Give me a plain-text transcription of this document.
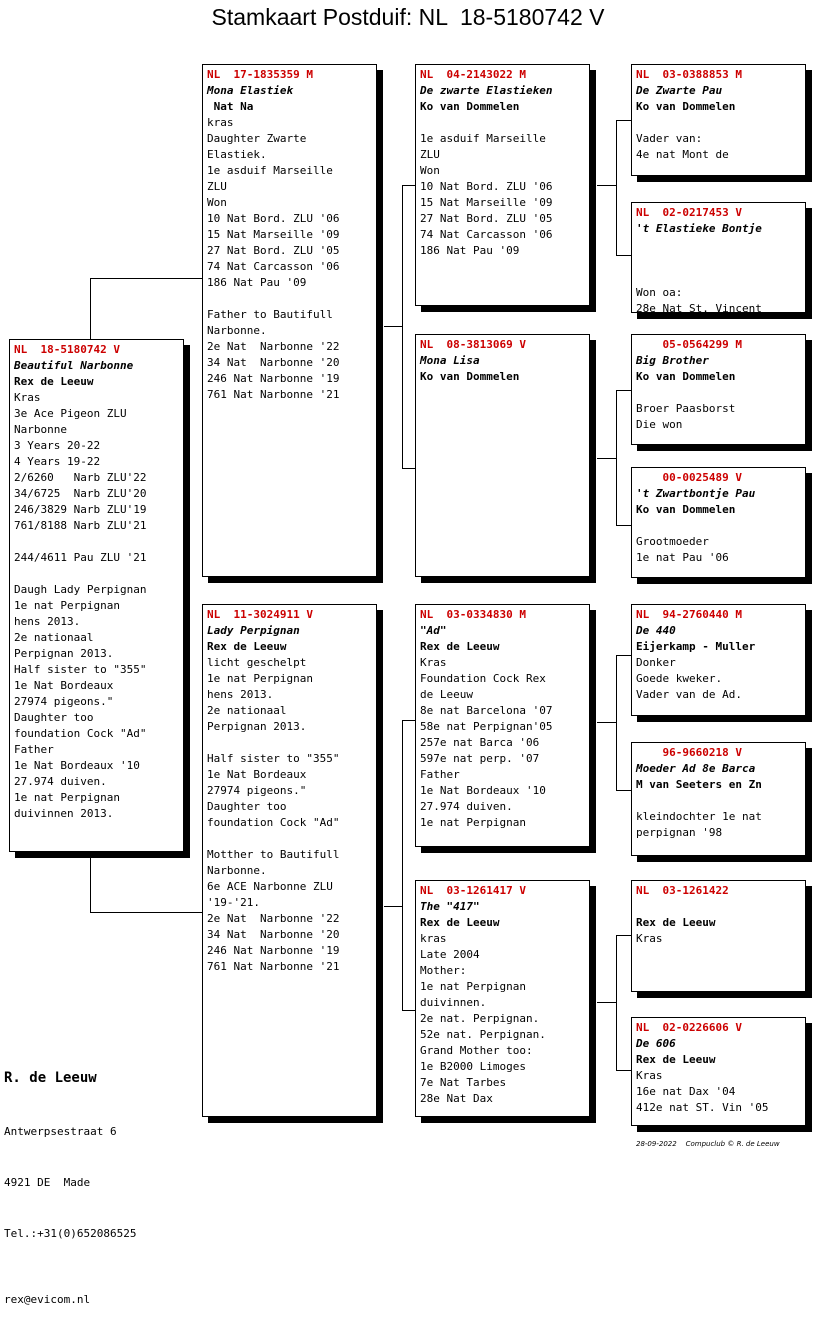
Stamkaart Postduif: NL  18-5180742 V
NL  18-5180742 V
Beautiful Narbonne
Rex de Leeuw
Kras
3e Ace Pigeon ZLU
Narbonne
3 Years 20-22
4 Years 19-22
2/6260   Narb ZLU'22
34/6725  Narb ZLU'20
246/3829 Narb ZLU'19
761/8188 Narb ZLU'21
244/4611 Pau ZLU '21
Daugh Lady Perpignan
1e nat Perpignan
hens 2013.
2e nationaal
Perpignan 2013.
Half sister to "355"
1e Nat Bordeaux
27974 pigeons."
Daughter too
foundation Cock "Ad"
Father
1e Nat Bordeaux '10
27.974 duiven.
1e nat Perpignan
duivinnen 2013.
NL  17-1835359 M
Mona Elastiek
Nat Na
kras
Daughter Zwarte
Elastiek.
1e asduif Marseille
ZLU
Won
10 Nat Bord. ZLU '06
15 Nat Marseille '09
27 Nat Bord. ZLU '05
74 Nat Carcasson '06
186 Nat Pau '09
Father to Bautifull
Narbonne.
2e Nat  Narbonne '22
34 Nat  Narbonne '20
246 Nat Narbonne '19
761 Nat Narbonne '21
NL  11-3024911 V
Lady Perpignan
Rex de Leeuw
licht geschelpt
1e nat Perpignan
hens 2013.
2e nationaal
Perpignan 2013.
Half sister to "355"
1e Nat Bordeaux
27974 pigeons."
Daughter too
foundation Cock "Ad"
Motther to Bautifull
Narbonne.
6e ACE Narbonne ZLU
'19-'21.
2e Nat  Narbonne '22
34 Nat  Narbonne '20
246 Nat Narbonne '19
761 Nat Narbonne '21
NL  04-2143022 M
De zwarte Elastieken
Ko van Dommelen
1e asduif Marseille
ZLU
Won
10 Nat Bord. ZLU '06
15 Nat Marseille '09
27 Nat Bord. ZLU '05
74 Nat Carcasson '06
186 Nat Pau '09
NL  08-3813069 V
Mona Lisa
Ko van Dommelen
NL  03-0334830 M
"Ad"
Rex de Leeuw
Kras
Foundation Cock Rex
de Leeuw
8e nat Barcelona '07
58e nat Perpignan'05
257e nat Barca '06
597e nat perp. '07
Father
1e Nat Bordeaux '10
27.974 duiven.
1e nat Perpignan
NL  03-1261417 V
The "417"
Rex de Leeuw
kras
Late 2004
Mother:
1e nat Perpignan
duivinnen.
2e nat. Perpignan.
52e nat. Perpignan.
Grand Mother too:
1e B2000 Limoges
7e Nat Tarbes
28e Nat Dax
NL  03-0388853 M
De Zwarte Pau
Ko van Dommelen
Vader van:
4e nat Mont de
NL  02-0217453 V
't Elastieke Bontje
Won oa:
28e Nat St. Vincent
05-0564299 M
Big Brother
Ko van Dommelen
Broer Paasborst
Die won
00-0025489 V
't Zwartbontje Pau
Ko van Dommelen
Grootmoeder
1e nat Pau '06
NL  94-2760440 M
De 440
Eijerkamp - Muller
Donker
Goede kweker.
Vader van de Ad.
96-9660218 V
Moeder Ad 8e Barca
M van Seeters en Zn
kleindochter 1e nat
perpignan '98
NL  03-1261422
Rex de Leeuw
Kras
NL  02-0226606 V
De 606
Rex de Leeuw
Kras
16e nat Dax '04
412e nat ST. Vin '05

R. de Leeuw

Antwerpsestraat 6

4921 DE  Made

Tel.:+31(0)652086525

rex@evicom.nl

28-09-2022    Compuclub © R. de Leeuw
